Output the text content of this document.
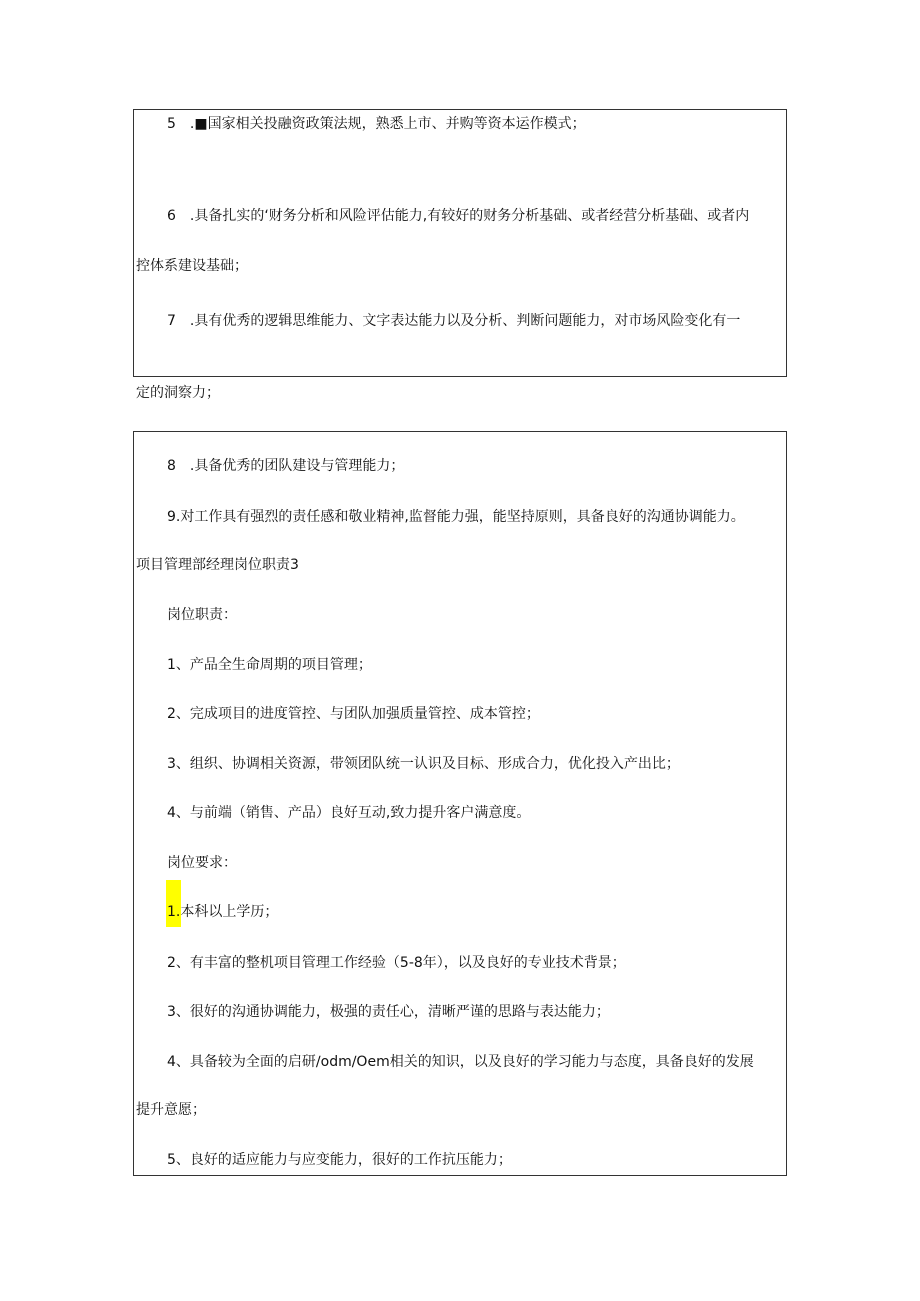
5　.■国家相关投融资政策法规，熟悉上市、并购等资本运作模式；
6　.具备扎实的‘财务分析和风险评估能力,有较好的财务分析基础、或者经营分析基础、或者内
控体系建设基础；
7　.具有优秀的逻辑思维能力、文字表达能力以及分析、判断问题能力，对市场风险变化有一
定的洞察力；
8　.具备优秀的团队建设与管理能力；
9.对工作具有强烈的责任感和敬业精神,监督能力强，能坚持原则，具备良好的沟通协调能力。
项目管理部经理岗位职责3
岗位职责：
1、产品全生命周期的项目管理；
2、完成项目的进度管控、与团队加强质量管控、成本管控；
3、组织、协调相关资源，带领团队统一认识及目标、形成合力，优化投入产出比；
4、与前端（销售、产品）良好互动,致力提升客户满意度。
岗位要求：
1.本科以上学历；
2、有丰富的整机项目管理工作经验（5-8年），以及良好的专业技术背景；
3、很好的沟通协调能力，极强的责任心，清晰严谨的思路与表达能力；
4、具备较为全面的启研∕odm∕Oem相关的知识，以及良好的学习能力与态度，具备良好的发展
提升意愿；
5、良好的适应能力与应变能力，很好的工作抗压能力；
